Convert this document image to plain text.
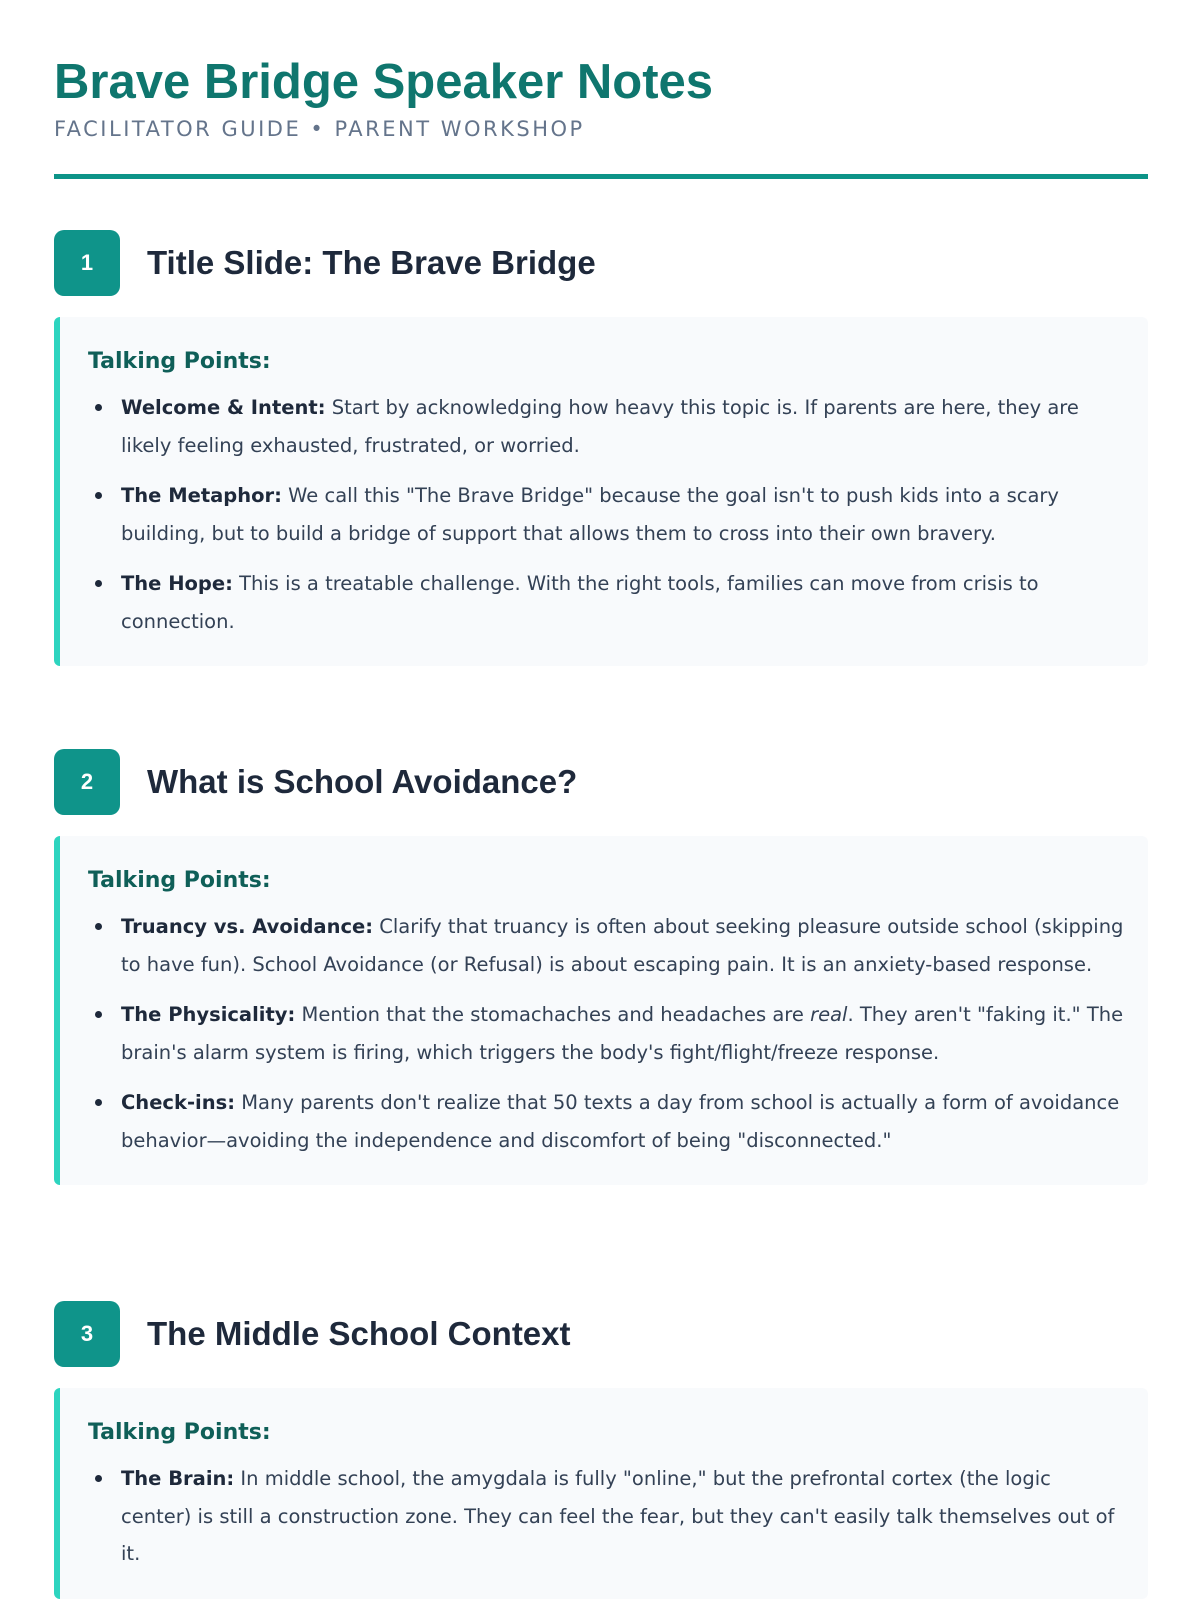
Brave Bridge Speaker Notes
FACILITATOR GUIDE • PARENT WORKSHOP
1	Title Slide: The Brave Bridge
Talking Points:
Welcome & Intent: Start by acknowledging how heavy this topic is. If parents are here, they are likely feeling exhausted, frustrated, or worried.
The Metaphor: We call this "The Brave Bridge" because the goal isn't to push kids into a scary building, but to build a bridge of support that allows them to cross into their own bravery.
The Hope: This is a treatable challenge. With the right tools, families can move from crisis to connection.
2	What is School Avoidance?
Talking Points:
Truancy vs. Avoidance: Clarify that truancy is often about seeking pleasure outside school (skipping to have fun). School Avoidance (or Refusal) is about escaping pain. It is an anxiety-based response.
The Physicality: Mention that the stomachaches and headaches are real. They aren't "faking it." The brain's alarm system is firing, which triggers the body's fight/flight/freeze response.
Check-ins: Many parents don't realize that 50 texts a day from school is actually a form of avoidance behavior—avoiding the independence and discomfort of being "disconnected."
3	The Middle School Context
Talking Points:
The Brain: In middle school, the amygdala is fully "online," but the prefrontal cortex (the logic center) is still a construction zone. They can feel the fear, but they can't easily talk themselves out of it.
